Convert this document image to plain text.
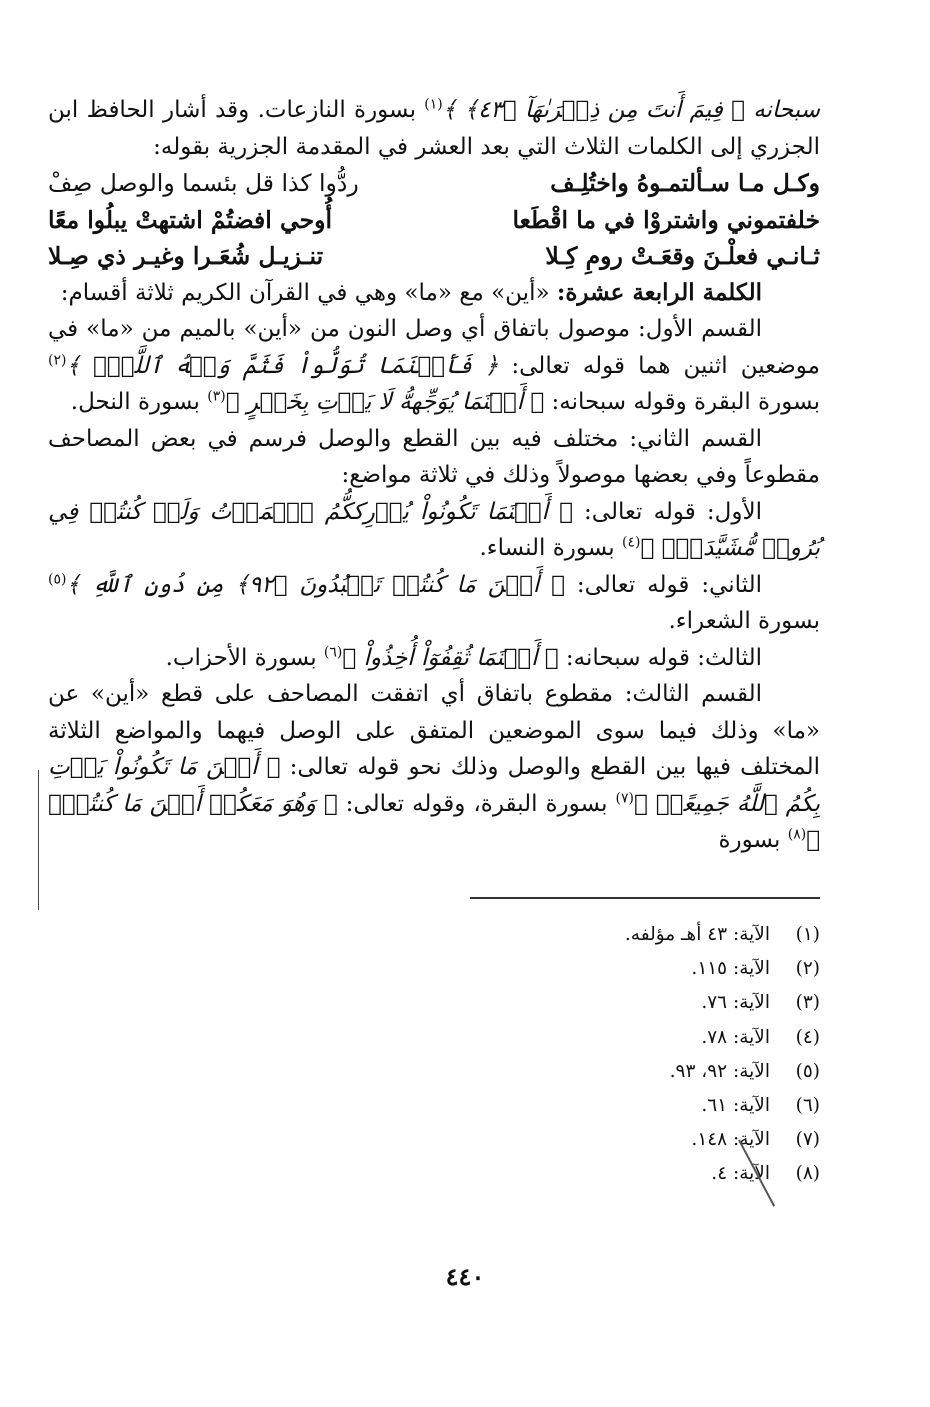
سبحانه ﴿ فِيمَ أَنتَ مِن ذِكۡرَىٰهَآ ﴿٤٣﴾ ﴾$^{(١)}$ بسورة النازعات. وقد أشار الحافظ ابن الجزري إلى الكلمات الثلاث التي بعد العشر في المقدمة الجزرية بقوله:

وكـل مـا سـألتمـوهُ واختُلِـف
ردُّوا كذا قل بئسما والوصل صِفْ
خلفتموني واشتروْا في ما اقْطَعا
أُوحي افضتُمْ اشتهتْ يبلُوا معًا
ثـانـي فعلْـنَ وقعَـتْ رومِ كِـلا
تنـزيـل شُعَـرا وغيـر ذي صِـلا

الكلمة الرابعة عشرة: «أين» مع «ما» وهي في القرآن الكريم ثلاثة أقسام:

القسم الأول: موصول باتفاق أي وصل النون من «أين» بالميم من «ما» في موضعين اثنين هما قوله تعالى: ﴿ فَأَيۡنَمَا تُوَلُّواْ فَثَمَّ وَجۡهُ ٱللَّهِۚ ﴾$^{(٢)}$ بسورة البقرة وقوله سبحانه: ﴿ أَيۡنَمَا يُوَجِّههُّ لَا يَأۡتِ بِخَيۡرٍ ﴾$^{(٣)}$ بسورة النحل.

القسم الثاني: مختلف فيه بين القطع والوصل فرسم في بعض المصاحف مقطوعاً وفي بعضها موصولاً وذلك في ثلاثة مواضع:

الأول: قوله تعالى: ﴿ أَيۡنَمَا تَكُونُواْ يُدۡرِككُّمُ ٱلۡمَوۡتُ وَلَوۡ كُنتُمۡ فِي بُرُوجٖ مُّشَيَّدَةٖۗ ﴾$^{(٤)}$ بسورة النساء.

الثاني: قوله تعالى: ﴿ أَيۡنَ مَا كُنتُمۡ تَعۡبُدُونَ ﴿٩٢﴾ مِن دُونِ ٱللَّهِ ﴾$^{(٥)}$ بسورة الشعراء.

الثالث: قوله سبحانه: ﴿ أَيۡنَمَا ثُقِفُوٓاْ أُخِذُواْ ﴾$^{(٦)}$ بسورة الأحزاب.

القسم الثالث: مقطوع باتفاق أي اتفقت المصاحف على قطع «أين» عن «ما» وذلك فيما سوى الموضعين المتفق على الوصل فيهما والمواضع الثلاثة المختلف فيها بين القطع والوصل وذلك نحو قوله تعالى: ﴿ أَيۡنَ مَا تَكُونُواْ يَأۡتِ بِكُمُ ٱللَّهُ جَمِيعًاۚ ﴾$^{(٧)}$ بسورة البقرة، وقوله تعالى: ﴿ وَهُوَ مَعَكُمۡ أَيۡنَ مَا كُنتُمۡۚ ﴾$^{(٨)}$ بسورة

(١)
الآية: ٤٣ أهـ مؤلفه.
(٢)
الآية: ١١٥.
(٣)
الآية: ٧٦.
(٤)
الآية: ٧٨.
(٥)
الآية: ٩٢، ٩٣.
(٦)
الآية: ٦١.
(٧)
الآية: ١٤٨.
(٨)
الآية: ٤.
٤٤٠
